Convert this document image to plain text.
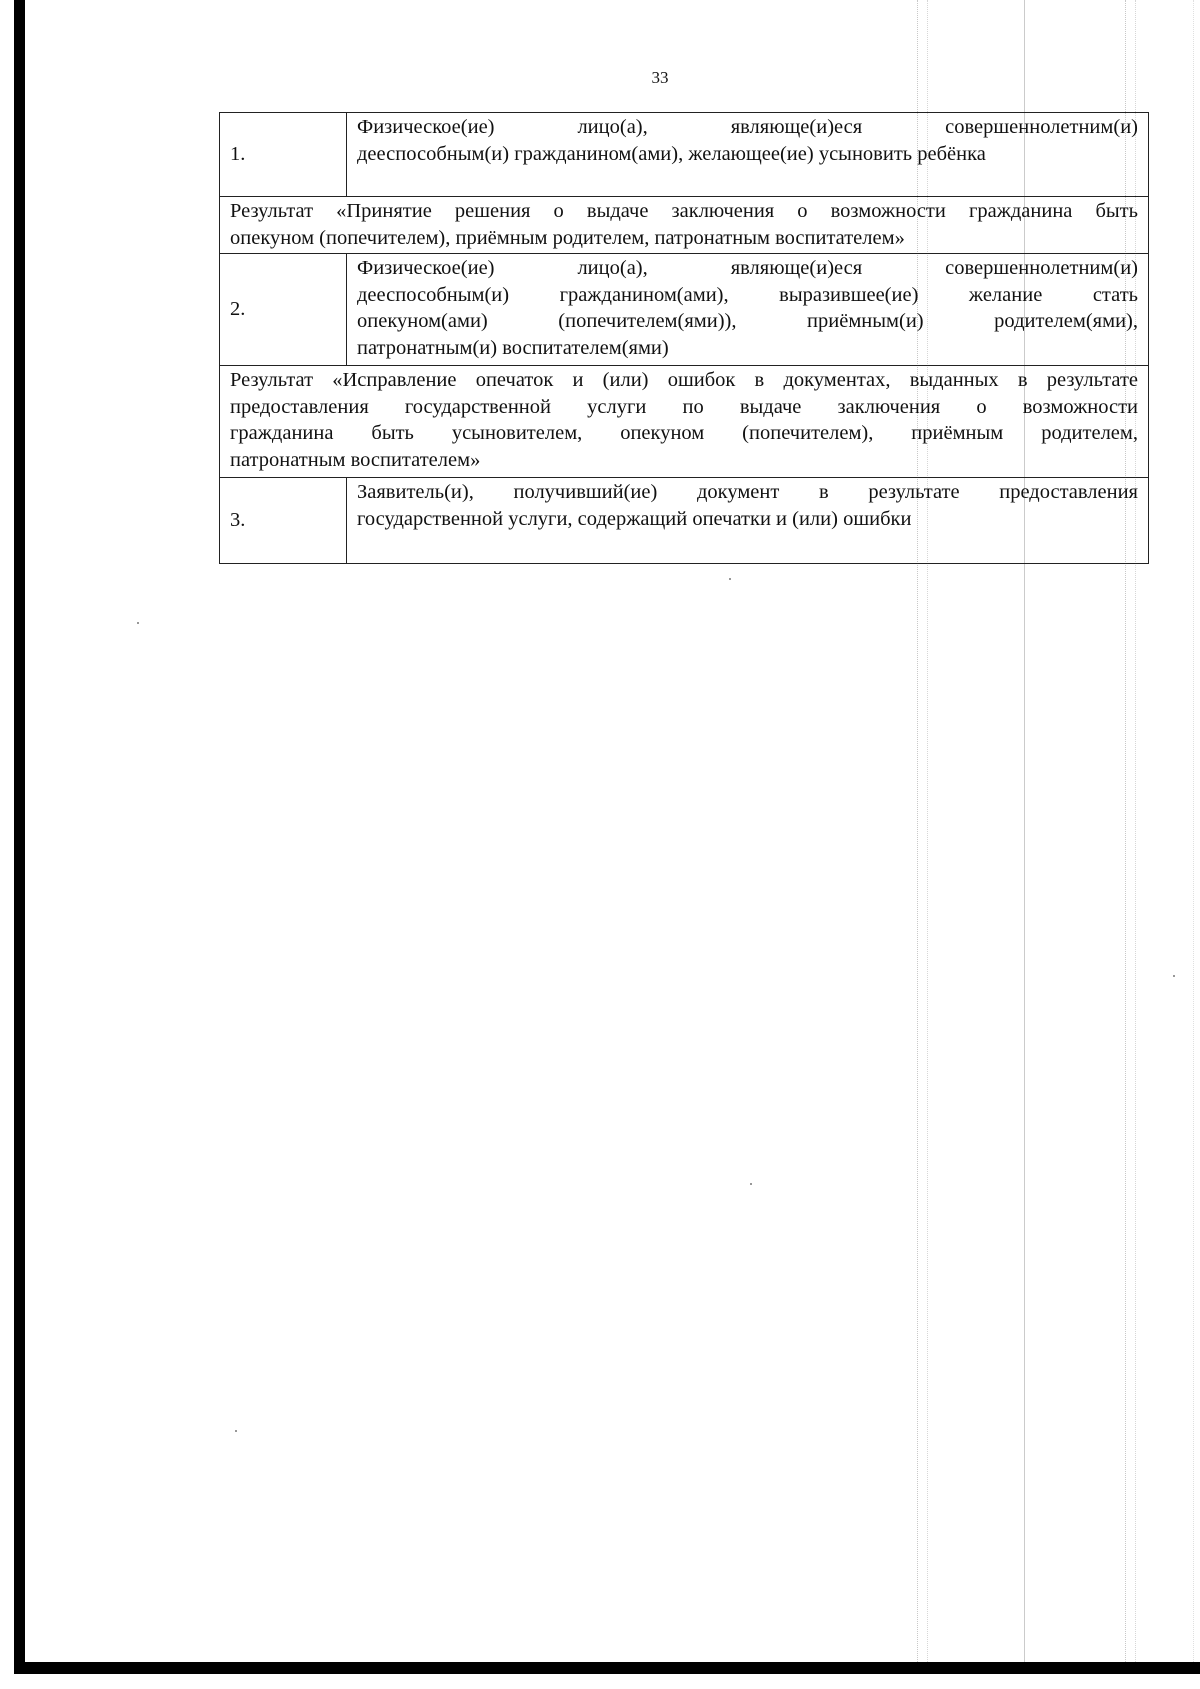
33
1.	Физическое(ие) лицо(а), являюще(и)еся совершеннолетним(и)
дееспособным(и) гражданином(ами), желающее(ие) усыновить ребёнка

Результат «Принятие решения о выдаче заключения о возможности гражданина быть
опекуном (попечителем), приёмным родителем, патронатным воспитателем»	

2.	Физическое(ие) лицо(а), являюще(и)еся совершеннолетним(и)
дееспособным(и) гражданином(ами), выразившее(ие) желание стать
опекуном(ами) (попечителем(ями)), приёмным(и) родителем(ями),
патронатным(и) воспитателем(ями)

Результат «Исправление опечаток и (или) ошибок в документах, выданных в результате
предоставления государственной услуги по выдаче заключения о возможности
гражданина быть усыновителем, опекуном (попечителем), приёмным родителем,
патронатным воспитателем»	

3.	Заявитель(и), получивший(ие) документ в результате предоставления
государственной услуги, содержащий опечатки и (или) ошибки
